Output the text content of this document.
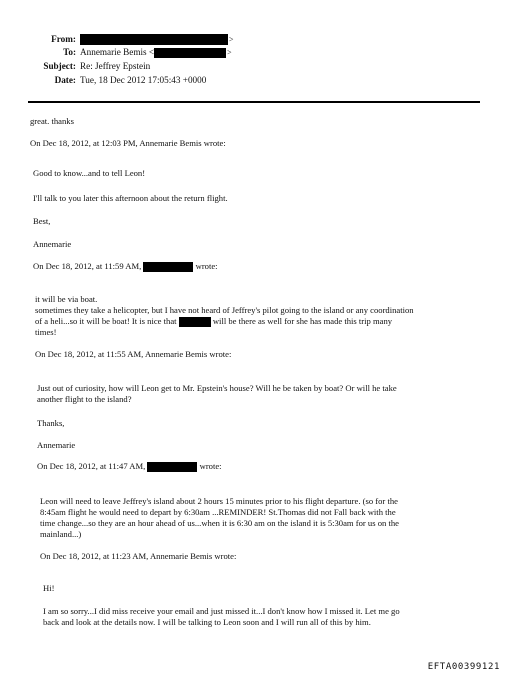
From:	>
To: Annemarie Bemis <	>
Subject: Re: Jeffrey Epstein
Date: Tue, 18 Dec 2012 17:05:43 +0000
great. thanks
On Dec 18, 2012, at 12:03 PM, Annemarie Bemis wrote:
Good to know...and to tell Leon!
I'll talk to you later this afternoon about the return flight.
Best,
Annemarie
On Dec 18, 2012, at 11:59 AM,	wrote:
it will be via boat.
sometimes they take a helicopter, but I have not heard of Jeffrey's pilot going to the island or any coordination
of a heli...so it will be boat! It is nice that	will be there as well for she has made this trip many
times!
On Dec 18, 2012, at 11:55 AM, Annemarie Bemis wrote:
Just out of curiosity, how will Leon get to Mr. Epstein's house? Will he be taken by boat? Or will he take
another flight to the island?
Thanks,
Annemarie
On Dec 18, 2012, at 11:47 AM,	wrote:
Leon will need to leave Jeffrey's island about 2 hours 15 minutes prior to his flight departure. (so for the
8:45am flight he would need to depart by 6:30am ...REMINDER! St.Thomas did not Fall back with the
time change...so they are an hour ahead of us...when it is 6:30 am on the island it is 5:30am for us on the
mainland...)
On Dec 18, 2012, at 11:23 AM, Annemarie Bemis wrote:
Hi!
I am so sorry...I did miss receive your email and just missed it...I don't know how I missed it. Let me go
back and look at the details now. I will be talking to Leon soon and I will run all of this by him.
EFTA00399121
